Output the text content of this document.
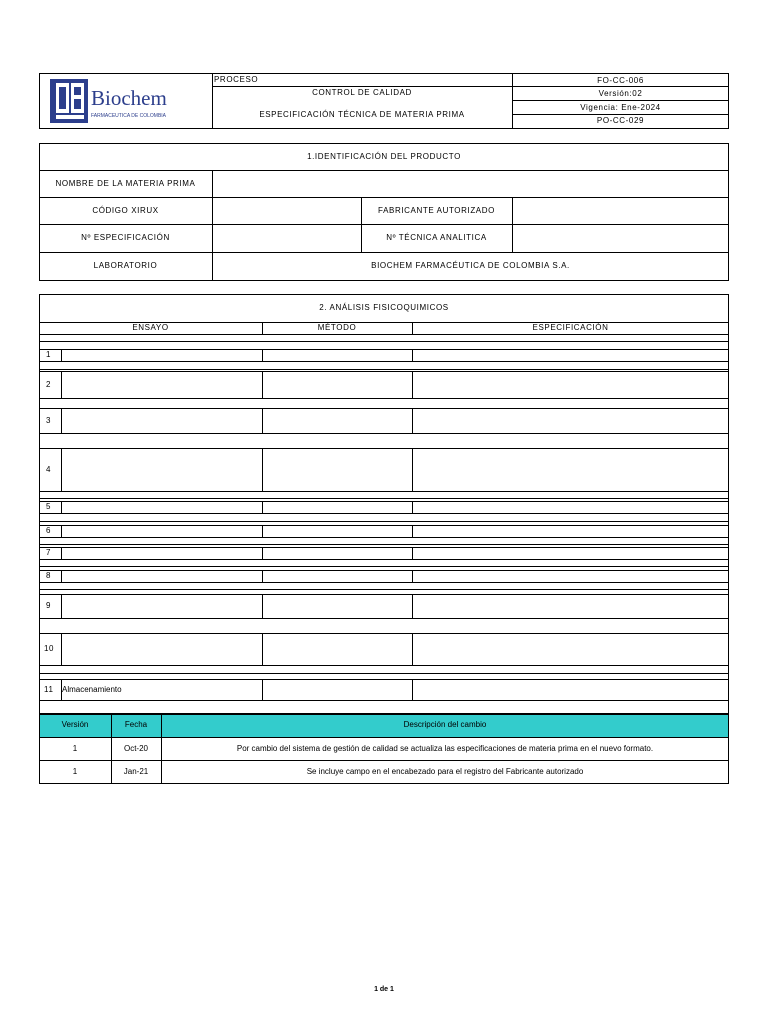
Biochem
FARMACEUTICA DE COLOMBIA
PROCESO
CONTROL DE CALIDAD
ESPECIFICACIÓN TÉCNICA DE MATERIA PRIMA
FO-CC-006
Versión:02
Vigencia: Ene-2024
PO-CC-029
1.IDENTIFICACIÓN DEL PRODUCTO
NOMBRE DE LA MATERIA PRIMA
CÓDIGO XIRUX	FABRICANTE AUTORIZADO
Nº ESPECIFICACIÓN	Nº TÉCNICA ANALITICA
LABORATORIO	BIOCHEM FARMACÉUTICA DE COLOMBIA S.A.
2. ANÁLISIS FISICOQUIMICOS
ENSAYO	MÉTODO	ESPECIFICACIÓN
1
2
3
4
5
6
7
8
9
10
11 Almacenamiento
Versión	Fecha	Descripción del cambio
1	Oct-20	Por cambio del sistema de gestión de calidad se actualiza las especificaciones de materia prima en el nuevo formato.
1	Jan-21	Se incluye campo en el encabezado para el registro del Fabricante autorizado
1 de 1
